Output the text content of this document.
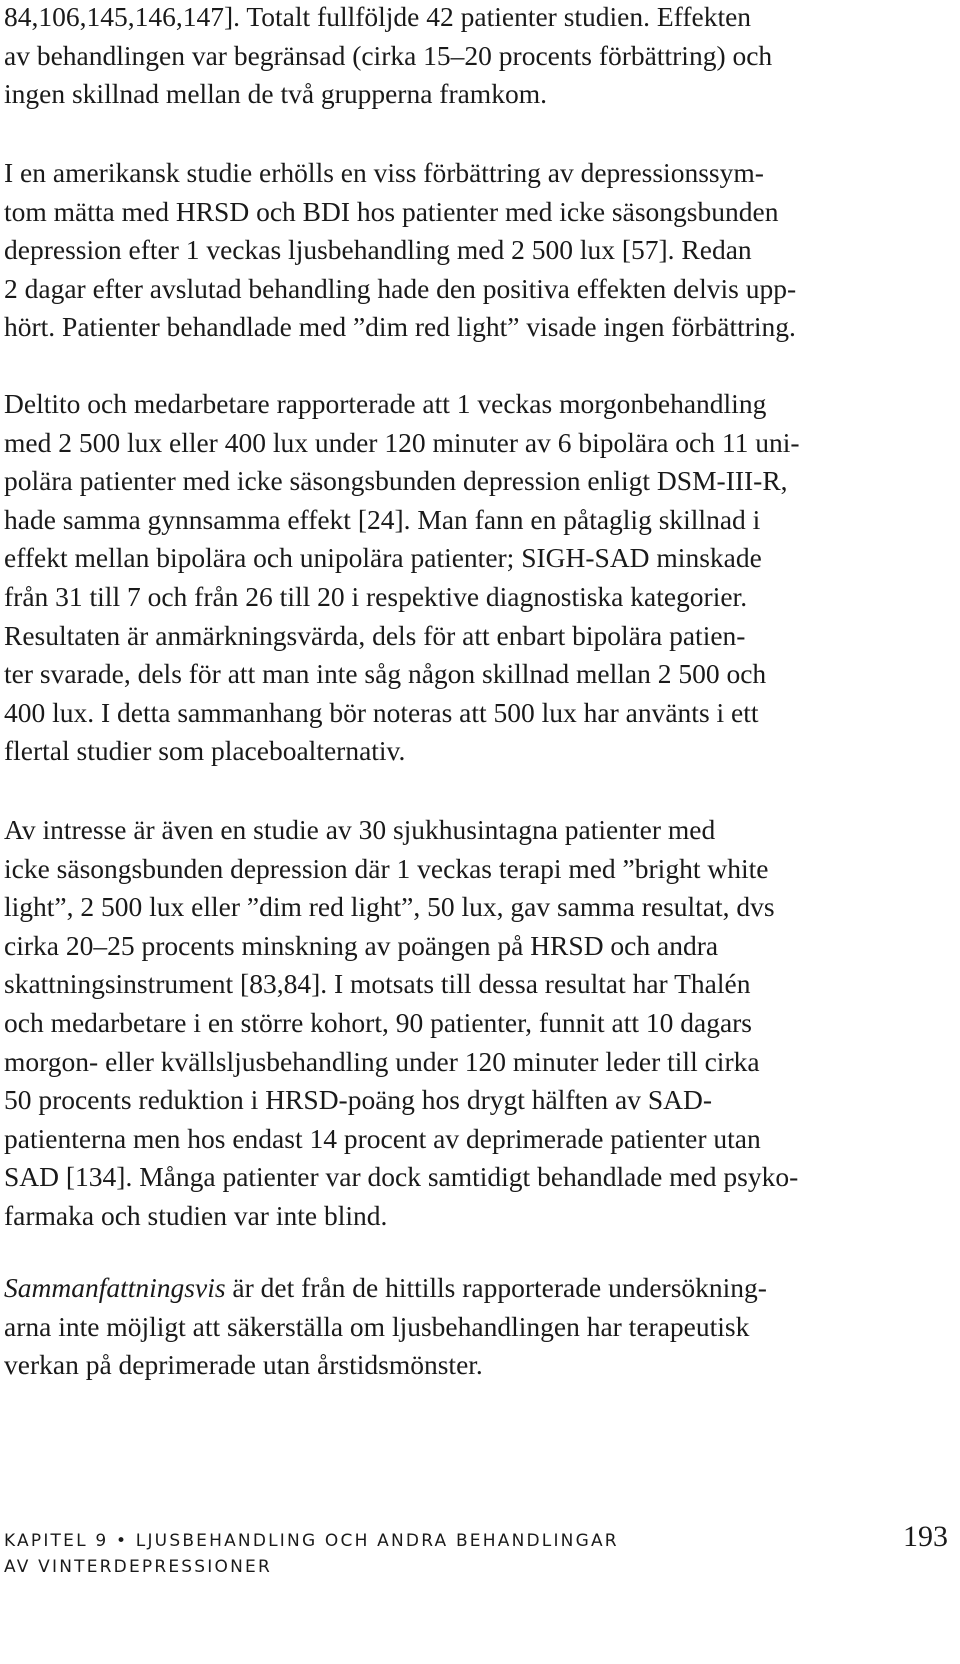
84,106,145,146,147]. Totalt fullföljde 42 patienter studien. Effekten
av behandlingen var begränsad (cirka 15–20 procents förbättring) och
ingen skillnad mellan de två grupperna framkom.

I en amerikansk studie erhölls en viss förbättring av depressionssym-
tom mätta med HRSD och BDI hos patienter med icke säsongsbunden
depression efter 1 veckas ljusbehandling med 2 500 lux [57]. Redan
2 dagar efter avslutad behandling hade den positiva effekten delvis upp-
hört. Patienter behandlade med ”dim red light” visade ingen förbättring.

Deltito och medarbetare rapporterade att 1 veckas morgonbehandling
med 2 500 lux eller 400 lux under 120 minuter av 6 bipolära och 11 uni-
polära patienter med icke säsongsbunden depression enligt DSM-III-R,
hade samma gynnsamma effekt [24]. Man fann en påtaglig skillnad i
effekt mellan bipolära och unipolära patienter; SIGH-SAD minskade
från 31 till 7 och från 26 till 20 i respektive diagnostiska kategorier.
Resultaten är anmärkningsvärda, dels för att enbart bipolära patien-
ter svarade, dels för att man inte såg någon skillnad mellan 2 500 och
400 lux. I detta sammanhang bör noteras att 500 lux har använts i ett
flertal studier som placeboalternativ.

Av intresse är även en studie av 30 sjukhusintagna patienter med
icke säsongsbunden depression där 1 veckas terapi med ”bright white
light”, 2 500 lux eller ”dim red light”, 50 lux, gav samma resultat, dvs
cirka 20–25 procents minskning av poängen på HRSD och andra
skattningsinstrument [83,84]. I motsats till dessa resultat har Thalén
och medarbetare i en större kohort, 90 patienter, funnit att 10 dagars
morgon- eller kvällsljusbehandling under 120 minuter leder till cirka
50 procents reduktion i HRSD-poäng hos drygt hälften av SAD-
patienterna men hos endast 14 procent av deprimerade patienter utan
SAD [134]. Många patienter var dock samtidigt behandlade med psyko-
farmaka och studien var inte blind.

Sammanfattningsvis är det från de hittills rapporterade undersökning-
arna inte möjligt att säkerställa om ljusbehandlingen har terapeutisk
verkan på deprimerade utan årstidsmönster.

KAPITEL 9 • LJUSBEHANDLING OCH ANDRA BEHANDLINGAR
AV VINTERDEPRESSIONER
193
